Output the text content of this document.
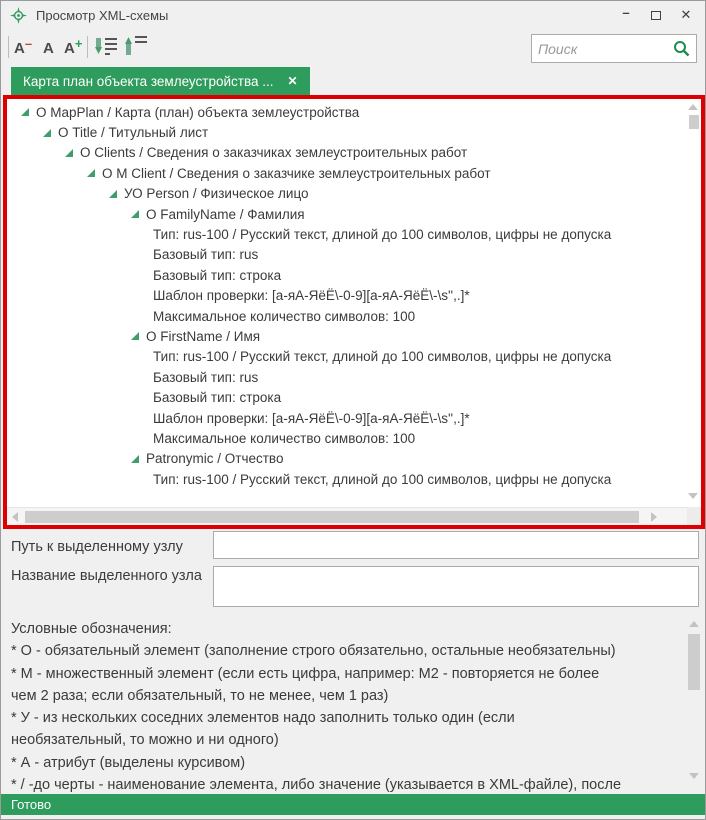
Просмотр XML-схемы	–	✕
A – A A +
Поиск
Карта план объекта землеустройства ... ✕
О MapPlan / Карта (план) объекта землеустройства
О Title / Титульный лист
О Clients / Сведения о заказчиках землеустроительных работ
О M Client / Сведения о заказчике землеустроительных работ
УО Person / Физическое лицо
О FamilyName / Фамилия
Тип: rus-100 / Русский текст, длиной до 100 символов, цифры не допуска
Базовый тип: rus
Базовый тип: строка
Шаблон проверки: [а-яА-ЯёЁ\-0-9][а-яА-ЯёЁ\-\s'',.]*
Максимальное количество символов: 100
О FirstName / Имя
Тип: rus-100 / Русский текст, длиной до 100 символов, цифры не допуска
Базовый тип: rus
Базовый тип: строка
Шаблон проверки: [а-яА-ЯёЁ\-0-9][а-яА-ЯёЁ\-\s'',.]*
Максимальное количество символов: 100
Patronymic / Отчество
Тип: rus-100 / Русский текст, длиной до 100 символов, цифры не допуска
Путь к выделенному узлу
Название выделенного узла
Условные обозначения:
* О - обязательный элемент (заполнение строго обязательно, остальные необязательны)
* М - множественный элемент (если есть цифра, например: М2 - повторяется не более
чем 2 раза; если обязательный, то не менее, чем 1 раз)
* У - из нескольких соседних элементов надо заполнить только один (если
необязательный, то можно и ни одного)
* А - атрибут (выделены курсивом)
* / -до черты - наименование элемента, либо значение (указывается в XML-файле), после
Готово
